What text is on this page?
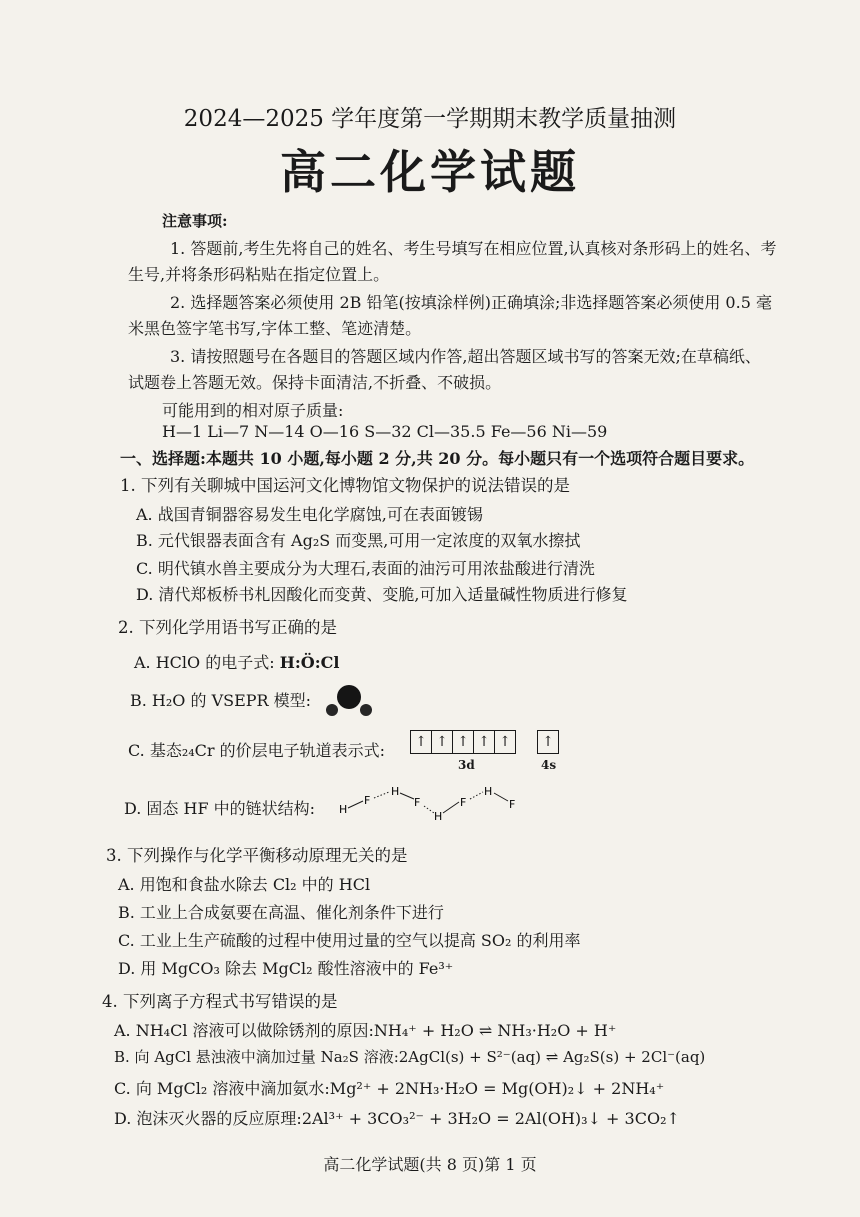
2024—2025 学年度第一学期期末教学质量抽测
高二化学试题
注意事项:
1. 答题前,考生先将自己的姓名、考生号填写在相应位置,认真核对条形码上的姓名、考
生号,并将条形码粘贴在指定位置上。
2. 选择题答案必须使用 2B 铅笔(按填涂样例)正确填涂;非选择题答案必须使用 0.5 毫
米黑色签字笔书写,字体工整、笔迹清楚。
3. 请按照题号在各题目的答题区域内作答,超出答题区域书写的答案无效;在草稿纸、
试题卷上答题无效。保持卡面清洁,不折叠、不破损。
可能用到的相对原子质量:
H—1 Li—7 N—14 O—16 S—32 Cl—35.5 Fe—56 Ni—59
一、选择题:本题共 10 小题,每小题 2 分,共 20 分。每小题只有一个选项符合题目要求。
1. 下列有关聊城中国运河文化博物馆文物保护的说法错误的是
A. 战国青铜器容易发生电化学腐蚀,可在表面镀锡
B. 元代银器表面含有 Ag₂S 而变黑,可用一定浓度的双氧水擦拭
C. 明代镇水兽主要成分为大理石,表面的油污可用浓盐酸进行清洗
D. 清代郑板桥书札因酸化而变黄、变脆,可加入适量碱性物质进行修复
2. 下列化学用语书写正确的是
A. HClO 的电子式: H:Ö:Cl
B. H₂O 的 VSEPR 模型:
C. 基态₂₄Cr 的价层电子轨道表示式:	↑ ↑ ↑ ↑ ↑	↑
3d	4s
D. 固态 HF 中的链状结构: H
F
H
F
H
F
H
F
3. 下列操作与化学平衡移动原理无关的是
A. 用饱和食盐水除去 Cl₂ 中的 HCl
B. 工业上合成氨要在高温、催化剂条件下进行
C. 工业上生产硫酸的过程中使用过量的空气以提高 SO₂ 的利用率
D. 用 MgCO₃ 除去 MgCl₂ 酸性溶液中的 Fe³⁺
4. 下列离子方程式书写错误的是
A. NH₄Cl 溶液可以做除锈剂的原因:NH₄⁺ + H₂O ⇌ NH₃·H₂O + H⁺
B. 向 AgCl 悬浊液中滴加过量 Na₂S 溶液:2AgCl(s) + S²⁻(aq) ⇌ Ag₂S(s) + 2Cl⁻(aq)
C. 向 MgCl₂ 溶液中滴加氨水:Mg²⁺ + 2NH₃·H₂O = Mg(OH)₂↓ + 2NH₄⁺
D. 泡沫灭火器的反应原理:2Al³⁺ + 3CO₃²⁻ + 3H₂O = 2Al(OH)₃↓ + 3CO₂↑
高二化学试题(共 8 页)第 1 页
